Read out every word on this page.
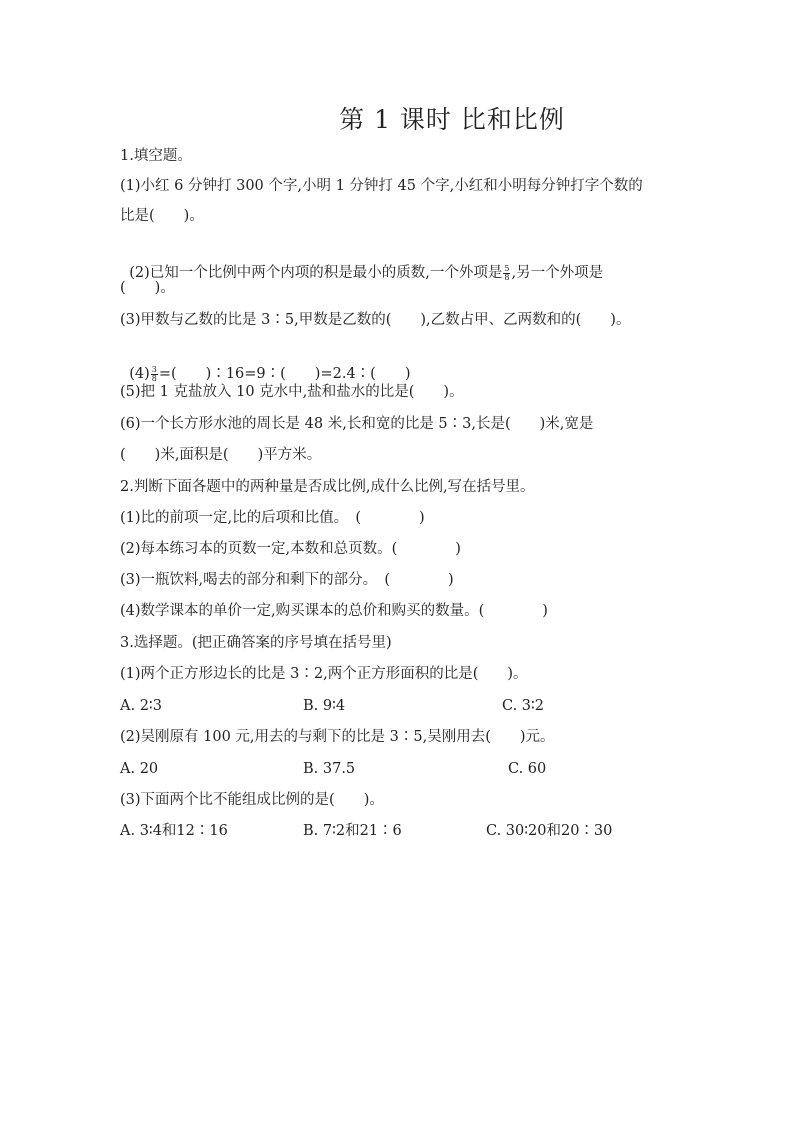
第 1 课时 比和比例
1.填空题。
(1)小红 6 分钟打 300 个字,小明 1 分钟打 45 个字,小红和小明每分钟打字个数的
比是(　　)。

(2)已知一个比例中两个内项的积是最小的质数,一个外项是 $\frac{5}{8}$ ,另一个外项是

(　　)。
(3)甲数与乙数的比是 3∶5,甲数是乙数的(　　),乙数占甲、乙两数和的(　　)。

$(4) \frac{3}{8}$ =(　　)∶16=9∶(　　)=2.4∶(　　)

(5)把 1 克盐放入 10 克水中,盐和盐水的比是(　　)。
(6)一个长方形水池的周长是 48 米,长和宽的比是 5∶3,长是(　　)米,宽是
(　　)米,面积是(　　)平方米。
2.判断下面各题中的两种量是否成比例,成什么比例,写在括号里。
(1)比的前项一定,比的后项和比值。　(　　　　)
(2)每本练习本的页数一定,本数和总页数。(　　　　)
(3)一瓶饮料,喝去的部分和剩下的部分。　(　　　　)
(4)数学课本的单价一定,购买课本的总价和购买的数量。(　　　　)
3.选择题。(把正确答案的序号填在括号里)
(1)两个正方形边长的比是 3∶2,两个正方形面积的比是(　　)。
A. 2∶3	B. 9∶4	C. 3∶2
(2)吴刚原有 100 元,用去的与剩下的比是 3∶5,吴刚用去(　　)元。
A. 20	B. 37.5	C. 60
(3)下面两个比不能组成比例的是(　　)。
A. 3∶4和12∶16	B. 7∶2和21∶6	C. 30∶20和20∶30
